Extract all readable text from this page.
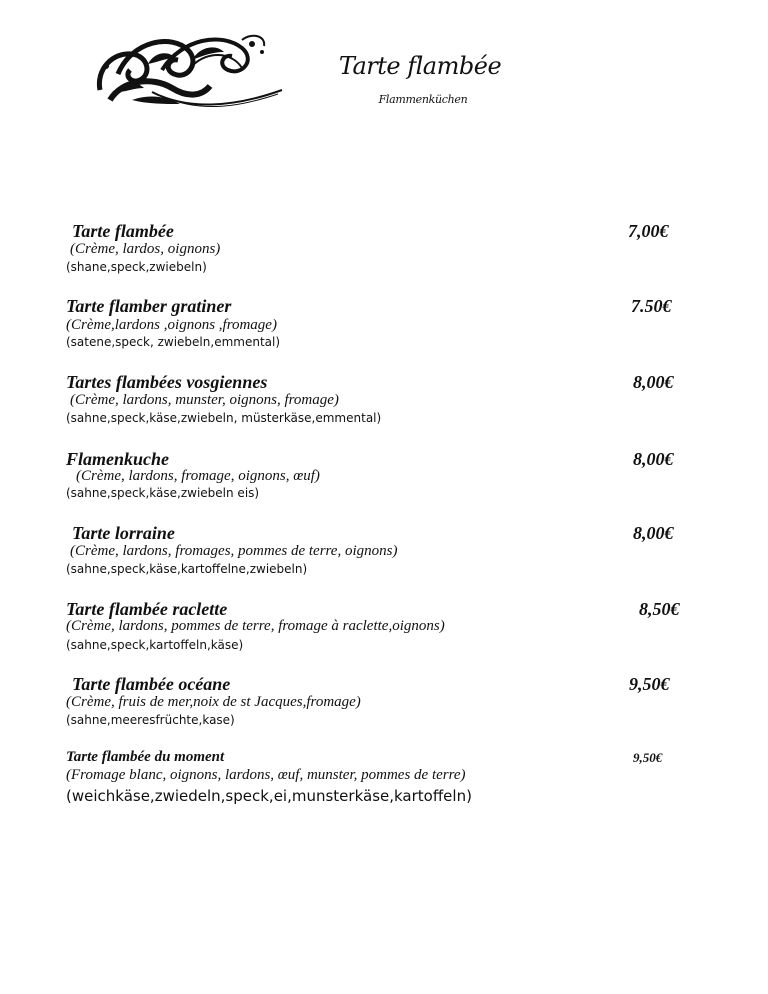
Tarte flambée
Flammenküchen
Tarte flambée	7,00€
(Crème, lardos, oignons)
(shane,speck,zwiebeln)
Tarte flamber gratiner	7.50€
(Crème,lardons ,oignons ,fromage)
(satene,speck, zwiebeln,emmental)
Tartes flambées vosgiennes	8,00€
(Crème, lardons, munster, oignons, fromage)
(sahne,speck,käse,zwiebeln, müsterkäse,emmental)
Flamenkuche	8,00€
(Crème, lardons, fromage, oignons, œuf)
(sahne,speck,käse,zwiebeln eis)
Tarte lorraine	8,00€
(Crème, lardons, fromages, pommes de terre, oignons)
(sahne,speck,käse,kartoffelne,zwiebeln)
Tarte flambée raclette	8,50€
(Crème, lardons, pommes de terre, fromage à raclette,oignons)
(sahne,speck,kartoffeln,käse)
Tarte flambée océane	9,50€
(Crème, fruis de mer,noix de st Jacques,fromage)
(sahne,meeresfrüchte,kase)
Tarte flambée du moment	9,50€
(Fromage blanc, oignons, lardons, œuf, munster, pommes de terre)
(weichkäse,zwiedeln,speck,ei,munsterkäse,kartoffeln)
